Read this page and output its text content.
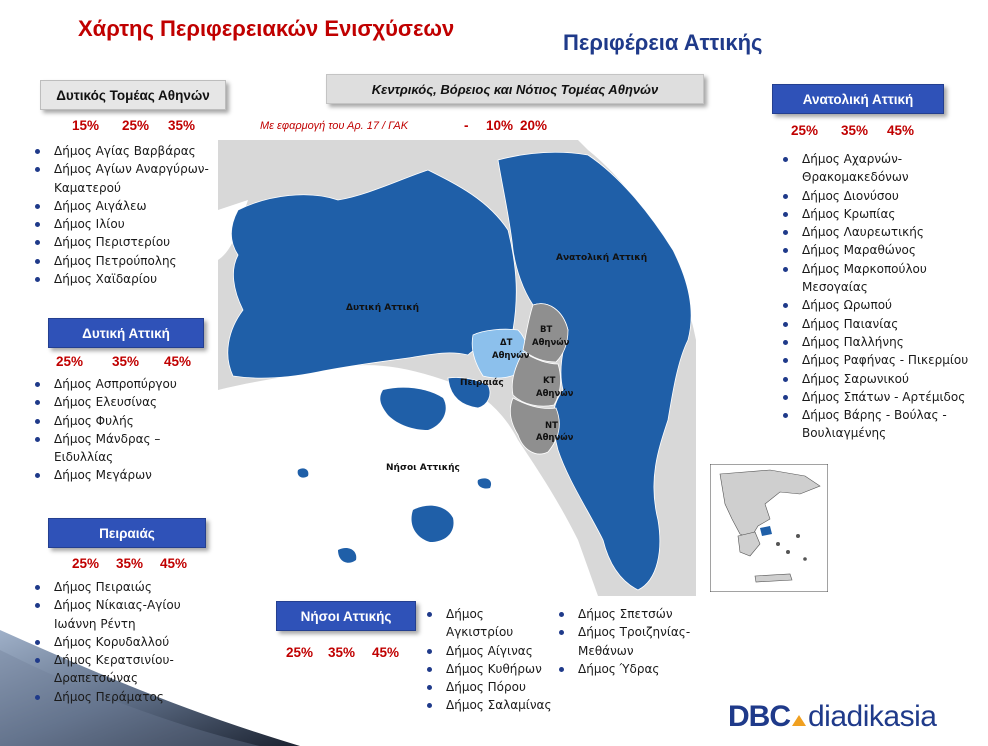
Δυτική Αττική
Ανατολική Αττική
Νήσοι Αττικής
Πειραιάς
ΔΤ
Αθηνών
ΒΤ
Αθηνών
ΚΤ
Αθηνών
ΝΤ
Αθηνών
Χάρτης Περιφερειακών Ενισχύσεων
Περιφέρεια Αττικής
Δυτικός Τομέας Αθηνών
15% 25% 35%
Δήμος Αγίας Βαρβάρας
Δήμος Αγίων Αναργύρων-Καματερού
Δήμος Αιγάλεω
Δήμος Ιλίου
Δήμος Περιστερίου
Δήμος Πετρούπολης
Δήμος Χαϊδαρίου
Κεντρικός, Βόρειος και Νότιος Τομέας Αθηνών
Με εφαρμογή του Αρ. 17 / ΓΑΚ	- 10% 20%
Ανατολική Αττική
25% 35% 45%
Δήμος Αχαρνών-Θρακομακεδόνων
Δήμος Διονύσου
Δήμος Κρωπίας
Δήμος Λαυρεωτικής
Δήμος Μαραθώνος
Δήμος Μαρκοπούλου Μεσογαίας
Δήμος Ωρωπού
Δήμος Παιανίας
Δήμος Παλλήνης
Δήμος Ραφήνας - Πικερμίου
Δήμος Σαρωνικού
Δήμος Σπάτων - Αρτέμιδος
Δήμος Βάρης - Βούλας - Βουλιαγμένης
Δυτική Αττική
25% 35% 45%
Δήμος Ασπροπύργου
Δήμος Ελευσίνας
Δήμος Φυλής
Δήμος Μάνδρας – Ειδυλλίας
Δήμος Μεγάρων
Πειραιάς
25% 35% 45%
Δήμος Πειραιώς
Δήμος Νίκαιας-Αγίου Ιωάννη Ρέντη
Δήμος Κορυδαλλού
Δήμος Κερατσινίου-Δραπετσώνας
Δήμος Περάματος
Νήσοι Αττικής
25% 35% 45%
Δήμος Αγκιστρίου
Δήμος Αίγινας
Δήμος Κυθήρων
Δήμος Πόρου
Δήμος Σαλαμίνας
Δήμος Σπετσών
Δήμος Τροιζηνίας-Μεθάνων
Δήμος Ύδρας
DBC diadikasia
